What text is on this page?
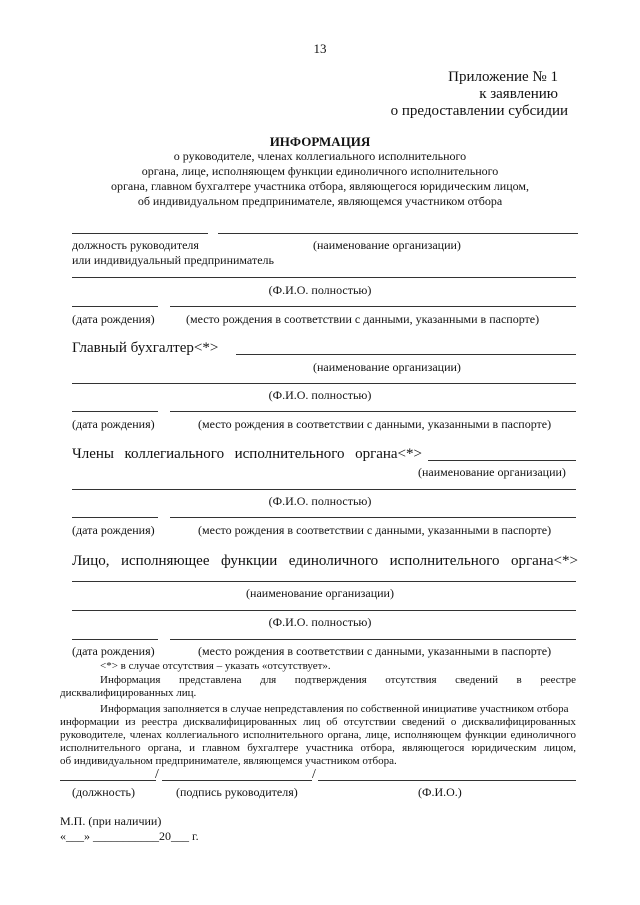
13
Приложение № 1
к заявлению
о предоставлении субсидии
ИНФОРМАЦИЯ
о руководителе, членах коллегиального исполнительного
органа, лице, исполняющем функции единоличного исполнительного
органа, главном бухгалтере участника отбора, являющегося юридическим лицом,
об индивидуальном предпринимателе, являющемся участником отбора
должность руководителя	(наименование организации)
или индивидуальный предприниматель
(Ф.И.О. полностью)
(дата рождения)	(место рождения в соответствии с данными, указанными в паспорте)
Главный бухгалтер<*>
(наименование организации)
(Ф.И.О. полностью)
(дата рождения)	(место рождения в соответствии с данными, указанными в паспорте)
Члены коллегиального исполнительного органа<*>
(наименование организации)
(Ф.И.О. полностью)
(дата рождения)	(место рождения в соответствии с данными, указанными в паспорте)
Лицо, исполняющее функции единоличного исполнительного органа<*>
(наименование организации)
(Ф.И.О. полностью)
(дата рождения)	(место рождения в соответствии с данными, указанными в паспорте)
<*> в случае отсутствия – указать «отсутствует».
Информация представлена для подтверждения отсутствия сведений в реестре
дисквалифицированных лиц.
Информация заполняется в случае непредставления по собственной инициативе участником отбора
информации из реестра дисквалифицированных лиц об отсутствии сведений о дисквалифицированных
руководителе, членах коллегиального исполнительного органа, лице, исполняющем функции единоличного
исполнительного органа, и главном бухгалтере участника отбора, являющегося юридическим лицом,
об индивидуальном предпринимателе, являющемся участником отбора.
/	/
(должность)	(подпись руководителя)	(Ф.И.О.)
М.П. (при наличии)
«___» ___________20___ г.
